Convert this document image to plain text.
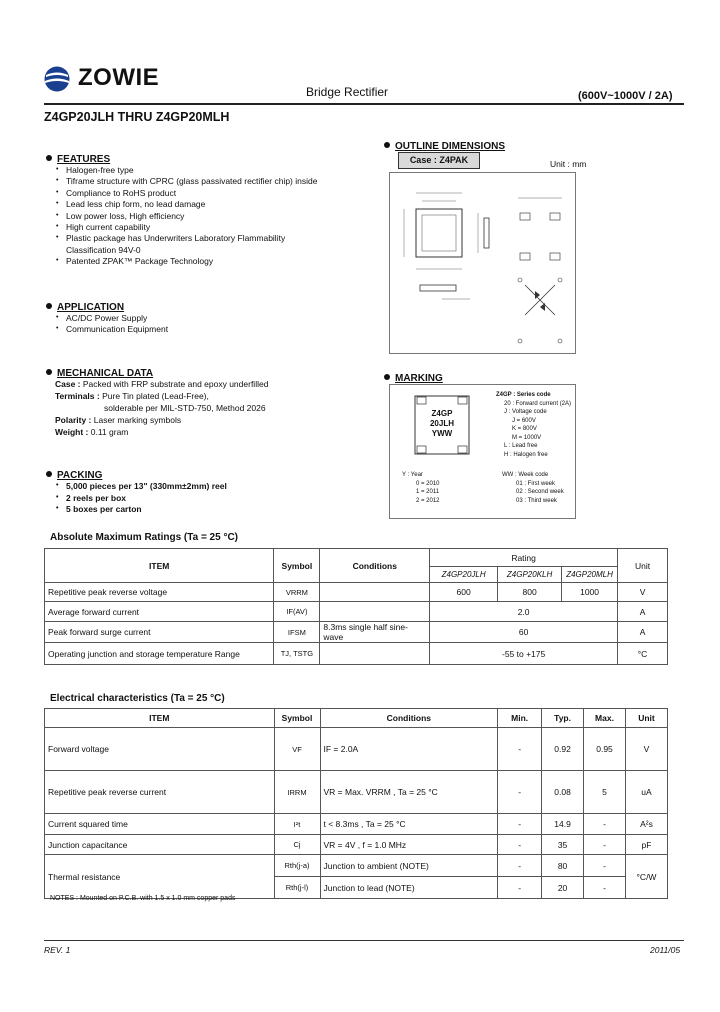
ZOWIE
Bridge Rectifier	(600V~1000V / 2A)
Z4GP20JLH THRU Z4GP20MLH
FEATURES
• Halogen-free type
• Tiframe structure with CPRC (glass passivated rectifier chip) inside
• Compliance to RoHS product
• Lead less chip form, no lead damage
• Low power loss, High efficiency
• High current capability
• Plastic package has Underwriters Laboratory Flammability
Classification 94V-0
• Patented ZPAK™ Package Technology
APPLICATION
• AC/DC Power Supply
• Communication Equipment
MECHANICAL DATA
Case : Packed with FRP substrate and epoxy underfilled
Terminals : Pure Tin plated (Lead-Free),
solderable per MIL-STD-750, Method 2026
Polarity : Laser marking symbols
Weight : 0.11 gram
PACKING
• 5,000 pieces per 13" (330mm±2mm) reel
• 2 reels per box
• 5 boxes per carton
OUTLINE DIMENSIONS
Case : Z4PAK	Unit : mm
MARKING
Z4GP
20JLH
YWW
Z4GP : Series code
20 : Forward current (2A)
J : Voltage code
J = 600V
K = 800V
M = 1000V
L : Lead free
H : Halogen free
Y : Year
0 = 2010
1 = 2011
2 = 2012
WW : Week code
01 : First week
02 : Second week
03 : Third week
Absolute Maximum Ratings (Ta = 25 °C)
ITEM	Symbol	Conditions	Rating			Unit
			Z4GP20JLH	Z4GP20KLH	Z4GP20MLH	
Repetitive peak reverse voltage	VRRM		600	800	1000	V
Average forward current	IF(AV)		2.0			A
Peak forward surge current	IFSM	8.3ms single half sine-wave	60			A
Operating junction and storage temperature Range	TJ, TSTG		-55 to +175			°C
Electrical characteristics (Ta = 25 °C)
ITEM	Symbol	Conditions	Min.	Typ.	Max.	Unit
Forward voltage	VF	IF = 2.0A	-	0.92	0.95	V
Repetitive peak reverse current	IRRM	VR = Max. VRRM , Ta = 25 °C	-	0.08	5	uA
Current squared time	I²t	t < 8.3ms , Ta = 25 °C	-	14.9	-	A²s
Junction capacitance	Cj	VR = 4V , f = 1.0 MHz	-	35	-	pF
Thermal resistance	Rth(j-a)	Junction to ambient (NOTE)	-	80	-	°C/W
	Rth(j-l)	Junction to lead (NOTE)	-	20	-	
NOTES : Mounted on P.C.B. with 1.5 x 1.0 mm copper pads
REV. 1	2011/05
